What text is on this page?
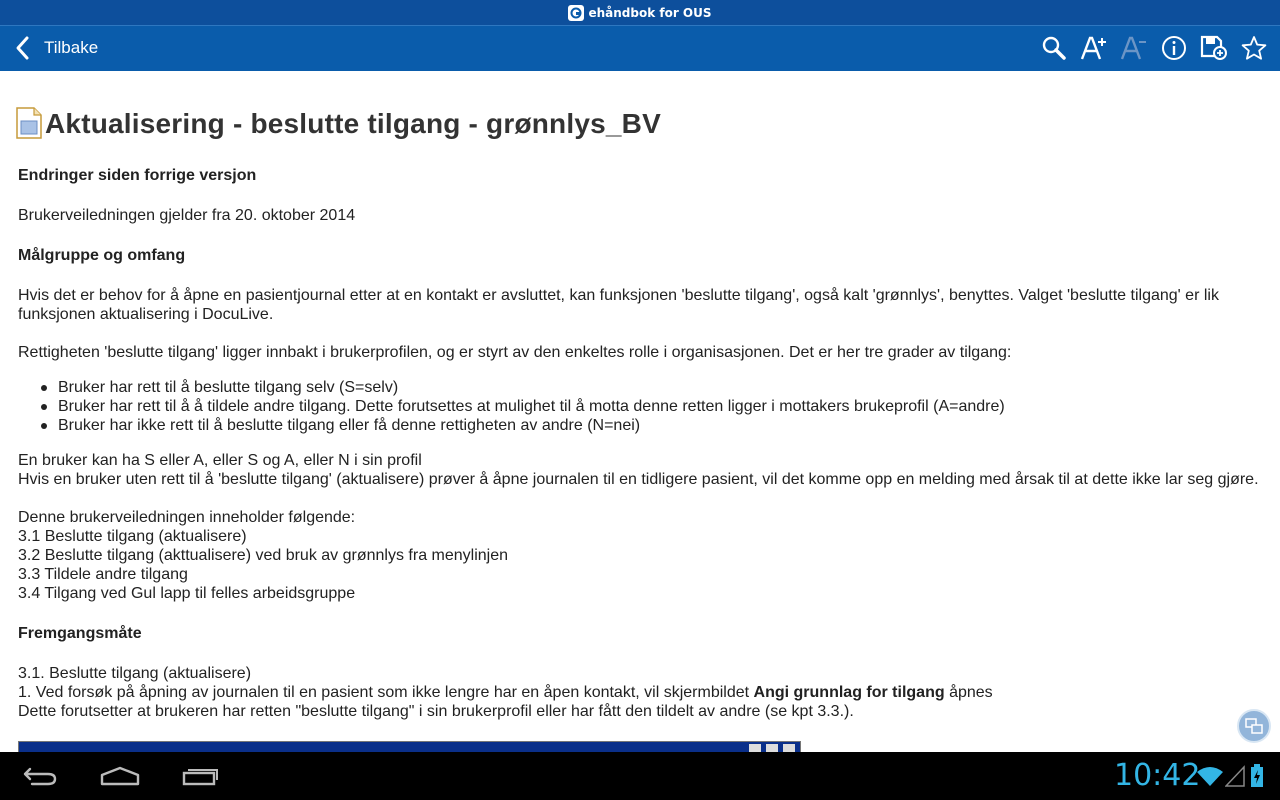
ehåndbok for OUS
Tilbake
Aktualisering - beslutte tilgang - grønnlys_BV

Endringer siden forrige versjon

Brukerveiledningen gjelder fra 20. oktober 2014

Målgruppe og omfang

Hvis det er behov for å åpne en pasientjournal etter at en kontakt er avsluttet, kan funksjonen 'beslutte tilgang', også kalt 'grønnlys', benyttes. Valget 'beslutte tilgang' er lik funksjonen aktualisering i DocuLive.

Rettigheten 'beslutte tilgang' ligger innbakt i brukerprofilen, og er styrt av den enkeltes rolle i organisasjonen. Det er her tre grader av tilgang:

Bruker har rett til å beslutte tilgang selv (S=selv)
Bruker har rett til å å tildele andre tilgang. Dette forutsettes at mulighet til å motta denne retten ligger i mottakers brukeprofil (A=andre)
Bruker har ikke rett til å beslutte tilgang eller få denne rettigheten av andre (N=nei)

En bruker kan ha S eller A, eller S og A, eller N i sin profil

Hvis en bruker uten rett til å 'beslutte tilgang' (aktualisere) prøver å åpne journalen til en tidligere pasient, vil det komme opp en melding med årsak til at dette ikke lar seg gjøre.

Denne brukerveiledningen inneholder følgende:

3.1 Beslutte tilgang (aktualisere)

3.2 Beslutte tilgang (akttualisere) ved bruk av grønnlys fra menylinjen

3.3 Tildele andre tilgang

3.4 Tilgang ved Gul lapp til felles arbeidsgruppe

Fremgangsmåte

3.1. Beslutte tilgang (aktualisere)

1. Ved forsøk på åpning av journalen til en pasient som ikke lengre har en åpen kontakt, vil skjermbildet Angi grunnlag for tilgang åpnes

Dette forutsetter at brukeren har retten "beslutte tilgang" i sin brukerprofil eller har fått den tildelt av andre (se kpt 3.3.).

10:42
